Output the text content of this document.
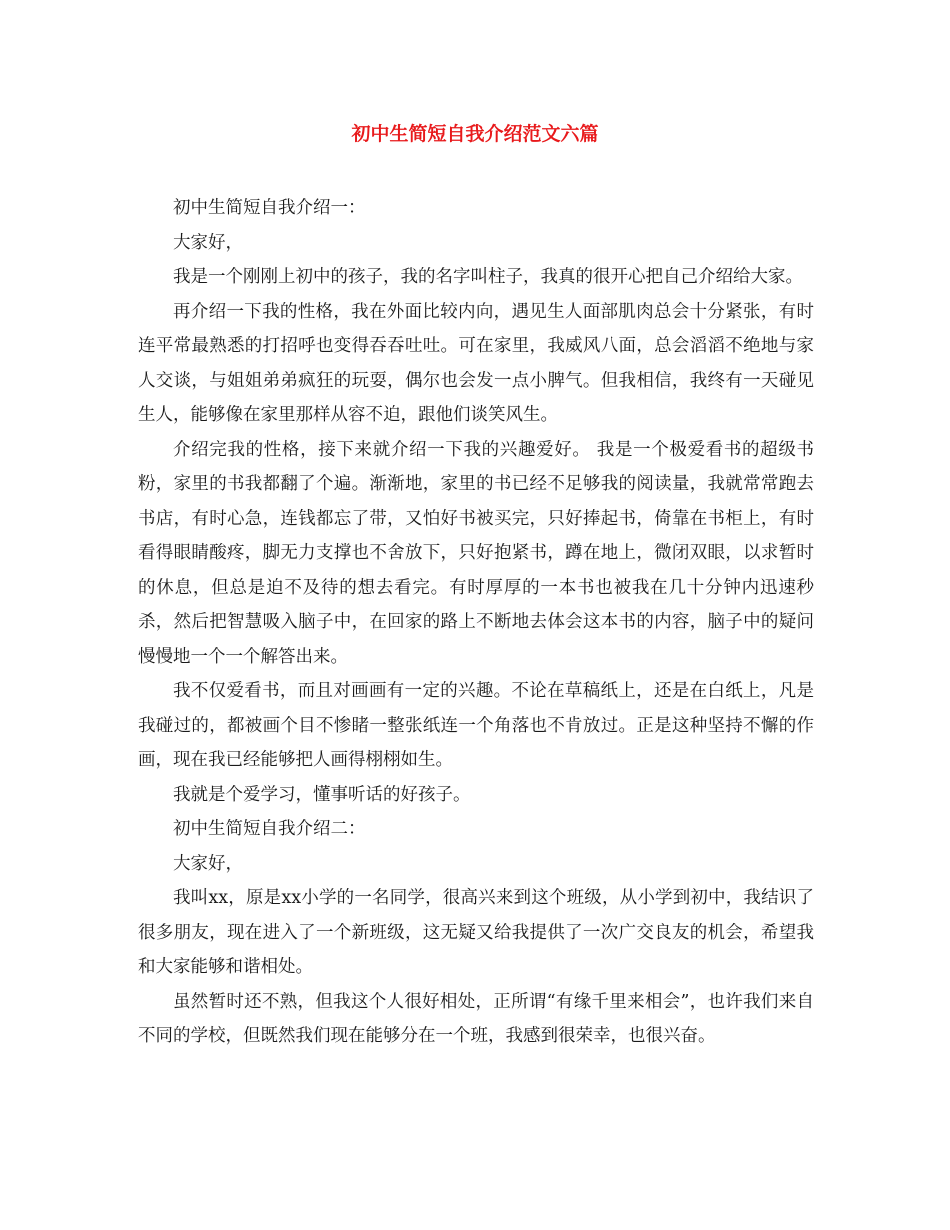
初中生简短自我介绍范文六篇

初中生简短自我介绍一：

大家好，

我是一个刚刚上初中的孩子，我的名字叫柱子，我真的很开心把自己介绍给大家。

再介绍一下我的性格，我在外面比较内向，遇见生人面部肌肉总会十分紧张，有时连平常最熟悉的打招呼也变得吞吞吐吐。可在家里，我威风八面，总会滔滔不绝地与家人交谈，与姐姐弟弟疯狂的玩耍，偶尔也会发一点小脾气。但我相信，我终有一天碰见生人，能够像在家里那样从容不迫，跟他们谈笑风生。

介绍完我的性格，接下来就介绍一下我的兴趣爱好。 我是一个极爱看书的超级书粉，家里的书我都翻了个遍。渐渐地，家里的书已经不足够我的阅读量，我就常常跑去书店，有时心急，连钱都忘了带，又怕好书被买完，只好捧起书，倚靠在书柜上，有时看得眼睛酸疼，脚无力支撑也不舍放下，只好抱紧书，蹲在地上，微闭双眼，以求暂时的休息，但总是迫不及待的想去看完。有时厚厚的一本书也被我在几十分钟内迅速秒杀，然后把智慧吸入脑子中，在回家的路上不断地去体会这本书的内容，脑子中的疑问慢慢地一个一个解答出来。

我不仅爱看书，而且对画画有一定的兴趣。不论在草稿纸上，还是在白纸上，凡是我碰过的，都被画个目不惨睹一整张纸连一个角落也不肯放过。正是这种坚持不懈的作画，现在我已经能够把人画得栩栩如生。

我就是个爱学习，懂事听话的好孩子。

初中生简短自我介绍二：

大家好，

我叫xx，原是xx小学的一名同学，很高兴来到这个班级，从小学到初中，我结识了很多朋友，现在进入了一个新班级，这无疑又给我提供了一次广交良友的机会，希望我和大家能够和谐相处。

虽然暂时还不熟，但我这个人很好相处，正所谓“有缘千里来相会”，也许我们来自不同的学校，但既然我们现在能够分在一个班，我感到很荣幸，也很兴奋。
